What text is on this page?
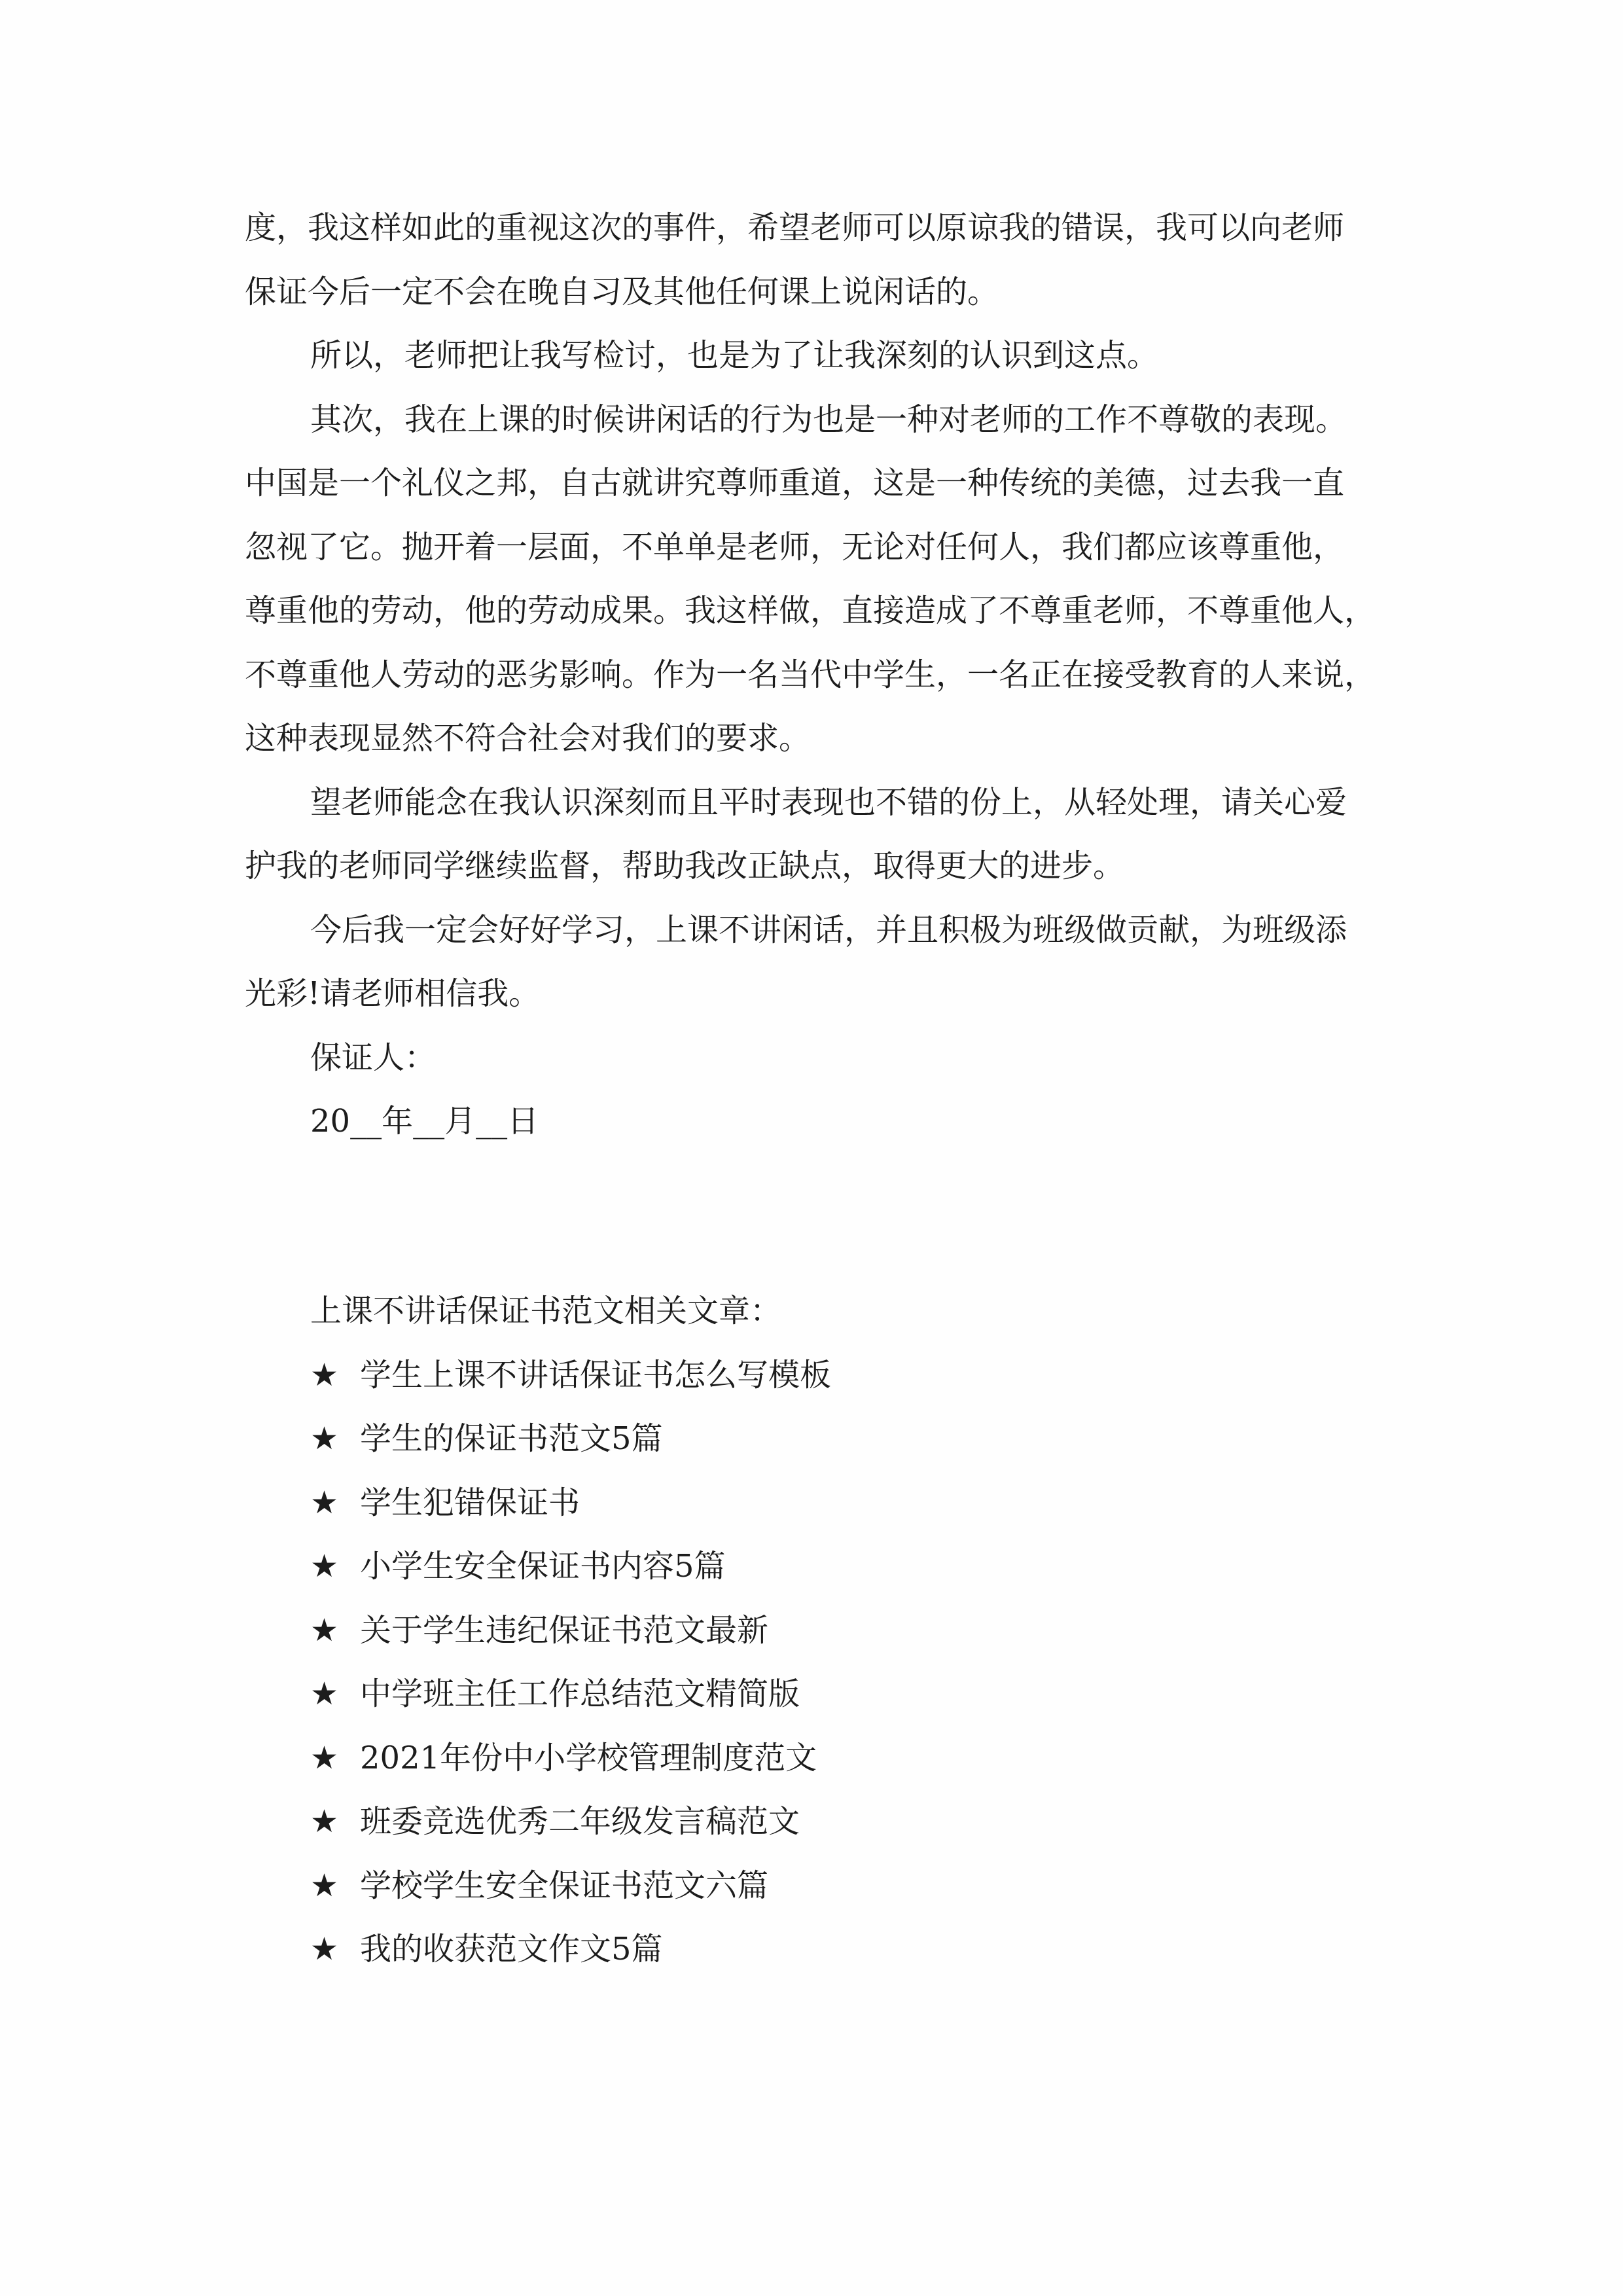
度，我这样如此的重视这次的事件，希望老师可以原谅我的错误，我可以向老师

保证今后一定不会在晚自习及其他任何课上说闲话的。

所以，老师把让我写检讨，也是为了让我深刻的认识到这点。

其次，我在上课的时候讲闲话的行为也是一种对老师的工作不尊敬的表现。

中国是一个礼仪之邦，自古就讲究尊师重道，这是一种传统的美德，过去我一直

忽视了它。抛开着一层面，不单单是老师，无论对任何人，我们都应该尊重他，

尊重他的劳动，他的劳动成果。我这样做，直接造成了不尊重老师，不尊重他人，

不尊重他人劳动的恶劣影响。作为一名当代中学生，一名正在接受教育的人来说，

这种表现显然不符合社会对我们的要求。

望老师能念在我认识深刻而且平时表现也不错的份上，从轻处理，请关心爱

护我的老师同学继续监督，帮助我改正缺点，取得更大的进步。

今后我一定会好好学习，上课不讲闲话，并且积极为班级做贡献，为班级添

光彩!请老师相信我。

保证人：

20__年__月__日

上课不讲话保证书范文相关文章：

★ 学生上课不讲话保证书怎么写模板
★ 学生的保证书范文5篇
★ 学生犯错保证书
★ 小学生安全保证书内容5篇
★ 关于学生违纪保证书范文最新
★ 中学班主任工作总结范文精简版
★ 2021年份中小学校管理制度范文
★ 班委竞选优秀二年级发言稿范文
★ 学校学生安全保证书范文六篇
★ 我的收获范文作文5篇
